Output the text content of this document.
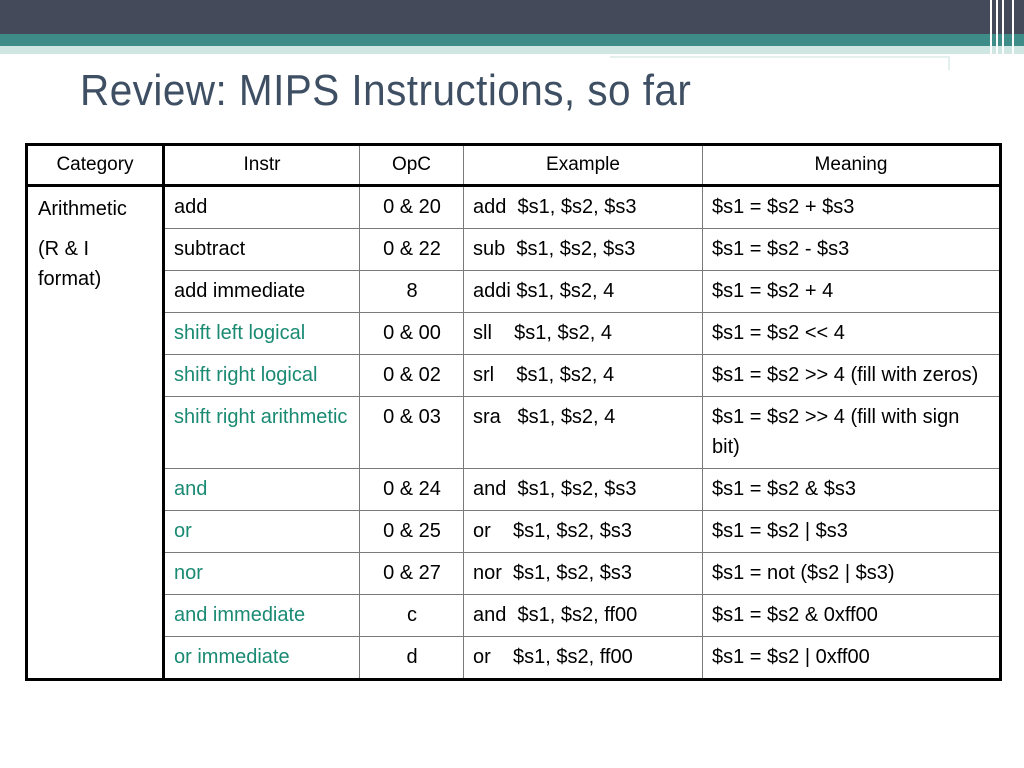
Review: MIPS Instructions, so far
Category	Instr	OpC	Example	Meaning

Arithmetic
(R & I format)	add	0 & 20	add  $s1, $s2, $s3	$s1 = $s2 + $s3
	subtract	0 & 22	sub  $s1, $s2, $s3	$s1 = $s2 - $s3
	add immediate	8	addi $s1, $s2, 4	$s1 = $s2 + 4
	shift left logical	0 & 00	sll    $s1, $s2, 4	$s1 = $s2 << 4
	shift right logical	0 & 02	srl    $s1, $s2, 4	$s1 = $s2 >> 4 (fill with zeros)
	shift right arithmetic	0 & 03	sra   $s1, $s2, 4	$s1 = $s2 >> 4 (fill with sign bit)
	and	0 & 24	and  $s1, $s2, $s3	$s1 = $s2 & $s3
	or	0 & 25	or    $s1, $s2, $s3	$s1 = $s2 | $s3
	nor	0 & 27	nor  $s1, $s2, $s3	$s1 = not ($s2 | $s3)
	and immediate	c	and  $s1, $s2, ff00	$s1 = $s2 & 0xff00
	or immediate	d	or    $s1, $s2, ff00	$s1 = $s2 | 0xff00
